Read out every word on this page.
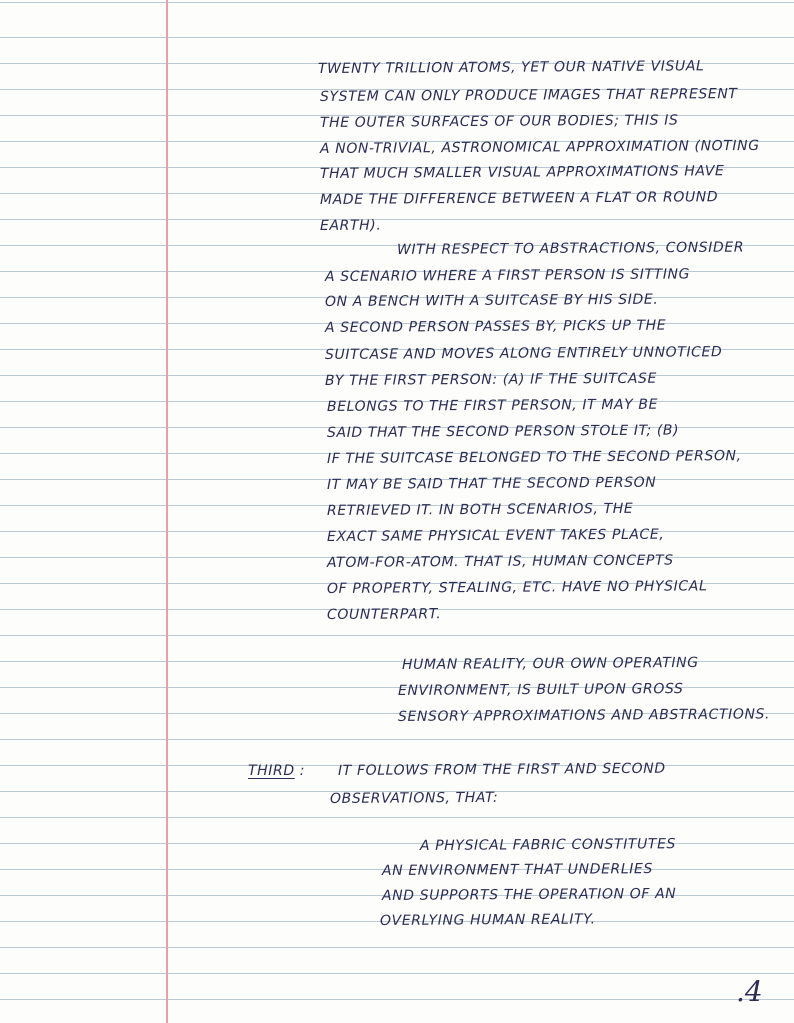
TWENTY TRILLION ATOMS, YET OUR NATIVE VISUAL
SYSTEM CAN ONLY PRODUCE IMAGES THAT REPRESENT
THE OUTER SURFACES OF OUR BODIES; THIS IS
A NON-TRIVIAL, ASTRONOMICAL APPROXIMATION (NOTING
THAT MUCH SMALLER VISUAL APPROXIMATIONS HAVE
MADE THE DIFFERENCE BETWEEN A FLAT OR ROUND
EARTH).
WITH RESPECT TO ABSTRACTIONS, CONSIDER
A SCENARIO WHERE A FIRST PERSON IS SITTING
ON A BENCH WITH A SUITCASE BY HIS SIDE.
A SECOND PERSON PASSES BY, PICKS UP THE
SUITCASE AND MOVES ALONG ENTIRELY UNNOTICED
BY THE FIRST PERSON: (A) IF THE SUITCASE
BELONGS TO THE FIRST PERSON, IT MAY BE
SAID THAT THE SECOND PERSON STOLE IT; (B)
IF THE SUITCASE BELONGED TO THE SECOND PERSON,
IT MAY BE SAID THAT THE SECOND PERSON
RETRIEVED IT. IN BOTH SCENARIOS, THE
EXACT SAME PHYSICAL EVENT TAKES PLACE,
ATOM-FOR-ATOM. THAT IS, HUMAN CONCEPTS
OF PROPERTY, STEALING, ETC. HAVE NO PHYSICAL
COUNTERPART.
HUMAN REALITY, OUR OWN OPERATING
ENVIRONMENT, IS BUILT UPON GROSS
SENSORY APPROXIMATIONS AND ABSTRACTIONS.
THIRD : IT FOLLOWS FROM THE FIRST AND SECOND
OBSERVATIONS, THAT:
A PHYSICAL FABRIC CONSTITUTES
AN ENVIRONMENT THAT UNDERLIES
AND SUPPORTS THE OPERATION OF AN
OVERLYING HUMAN REALITY.
.4
